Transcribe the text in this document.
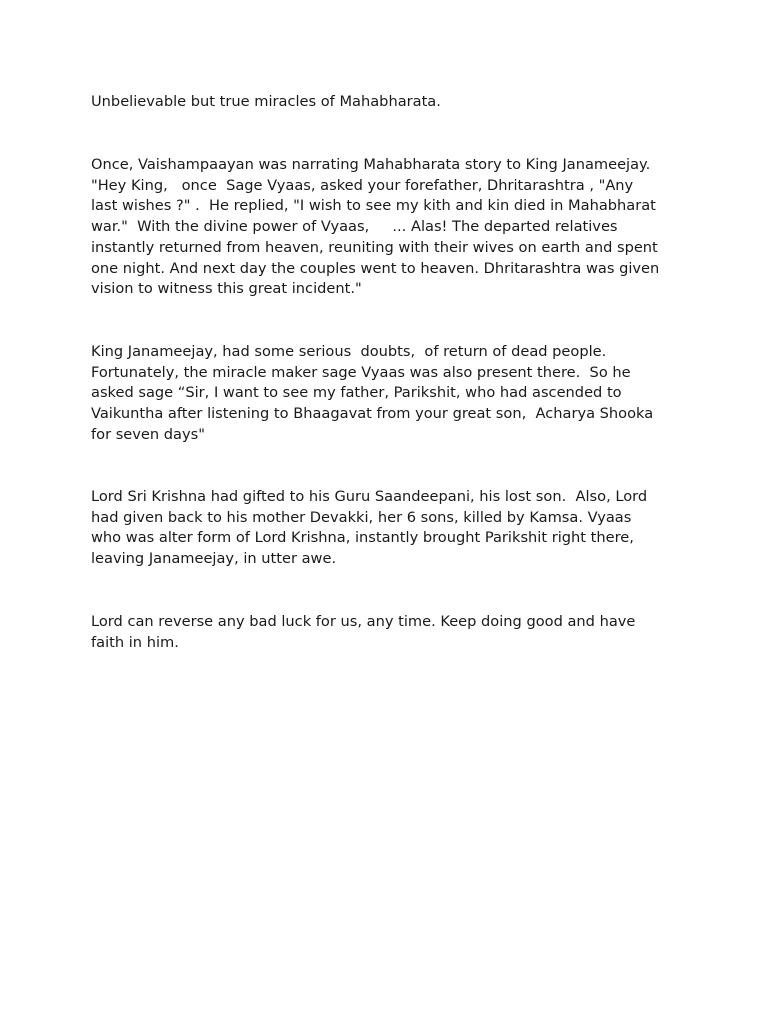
Unbelievable but true miracles of Mahabharata.

Once, Vaishampaayan was narrating Mahabharata story to King Janameejay.

"Hey King,   once  Sage Vyaas, asked your forefather, Dhritarashtra , "Any

last wishes ?" .  He replied, "I wish to see my kith and kin died in Mahabharat

war."  With the divine power of Vyaas,     ... Alas! The departed relatives

instantly returned from heaven, reuniting with their wives on earth and spent

one night. And next day the couples went to heaven. Dhritarashtra was given

vision to witness this great incident."

King Janameejay, had some serious  doubts,  of return of dead people.

Fortunately, the miracle maker sage Vyaas was also present there.  So he

asked sage “Sir, I want to see my father, Parikshit, who had ascended to

Vaikuntha after listening to Bhaagavat from your great son,  Acharya Shooka

for seven days"

Lord Sri Krishna had gifted to his Guru Saandeepani, his lost son.  Also, Lord

had given back to his mother Devakki, her 6 sons, killed by Kamsa. Vyaas

who was alter form of Lord Krishna, instantly brought Parikshit right there,

leaving Janameejay, in utter awe.

Lord can reverse any bad luck for us, any time. Keep doing good and have

faith in him.
